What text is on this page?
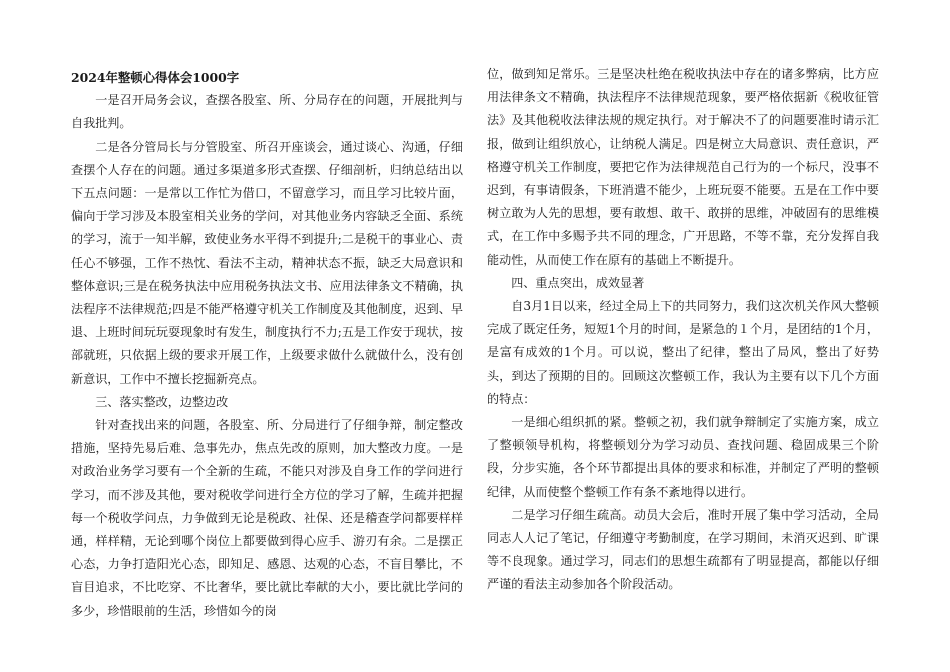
2024年整顿心得体会1000字

一是召开局务会议，查摆各股室、所、分局存在的问题，开展批判与自我批判。

二是各分管局长与分管股室、所召开座谈会，通过谈心、沟通，仔细查摆个人存在的问题。通过多渠道多形式查摆、仔细剖析，归纳总结出以下五点问题：一是常以工作忙为借口，不留意学习，而且学习比较片面，偏向于学习涉及本股室相关业务的学问，对其他业务内容缺乏全面、系统的学习，流于一知半解，致使业务水平得不到提升;二是税干的事业心、责任心不够强，工作不热忱、看法不主动，精神状态不振，缺乏大局意识和整体意识;三是在税务执法中应用税务执法文书、应用法律条文不精确，执法程序不法律规范;四是不能严格遵守机关工作制度及其他制度，迟到、早退、上班时间玩玩耍现象时有发生，制度执行不力;五是工作安于现状，按部就班，只依据上级的要求开展工作，上级要求做什么就做什么，没有创新意识，工作中不擅长挖掘新亮点。

三、落实整改，边整边改

针对查找出来的问题，各股室、所、分局进行了仔细争辩，制定整改措施，坚持先易后难、急事先办，焦点先改的原则，加大整改力度。一是对政治业务学习要有一个全新的生疏，不能只对涉及自身工作的学问进行学习，而不涉及其他，要对税收学问进行全方位的学习了解，生疏并把握每一个税收学问点，力争做到无论是税政、社保、还是稽查学问都要样样通，样样精，无论到哪个岗位上都要做到得心应手、游刃有余。二是摆正心态，力争打造阳光心态，即知足、感恩、达观的心态，不盲目攀比，不盲目追求，不比吃穿、不比奢华，要比就比奉献的大小，要比就比学问的多少，珍惜眼前的生活，珍惜如今的岗

位，做到知足常乐。三是坚决杜绝在税收执法中存在的诸多弊病，比方应用法律条文不精确，执法程序不法律规范现象，要严格依据新《税收征管法》及其他税收法律法规的规定执行。对于解决不了的问题要准时请示汇报，做到让组织放心，让纳税人满足。四是树立大局意识、责任意识，严格遵守机关工作制度，要把它作为法律规范自己行为的一个标尺，没事不迟到，有事请假条，下班消遣不能少，上班玩耍不能要。五是在工作中要树立敢为人先的思想，要有敢想、敢干、敢拼的思维，冲破固有的思维模式，在工作中多赐予共不同的理念，广开思路，不等不靠，充分发挥自我能动性，从而使工作在原有的基础上不断提升。

四、重点突出，成效显著

自3月1日以来，经过全局上下的共同努力，我们这次机关作风大整顿完成了既定任务，短短1个月的时间，是紧急的１个月，是团结的1个月，是富有成效的1个月。可以说，整出了纪律，整出了局风，整出了好势头，到达了预期的目的。回顾这次整顿工作，我认为主要有以下几个方面的特点：

一是细心组织抓的紧。整顿之初，我们就争辩制定了实施方案，成立了整顿领导机构，将整顿划分为学习动员、查找问题、稳固成果三个阶段，分步实施，各个环节都提出具体的要求和标准，并制定了严明的整顿纪律，从而使整个整顿工作有条不紊地得以进行。

二是学习仔细生疏高。动员大会后，准时开展了集中学习活动，全局同志人人记了笔记，仔细遵守考勤制度，在学习期间，未消灭迟到、旷课等不良现象。通过学习，同志们的思想生疏都有了明显提高，都能以仔细严谨的看法主动参加各个阶段活动。
